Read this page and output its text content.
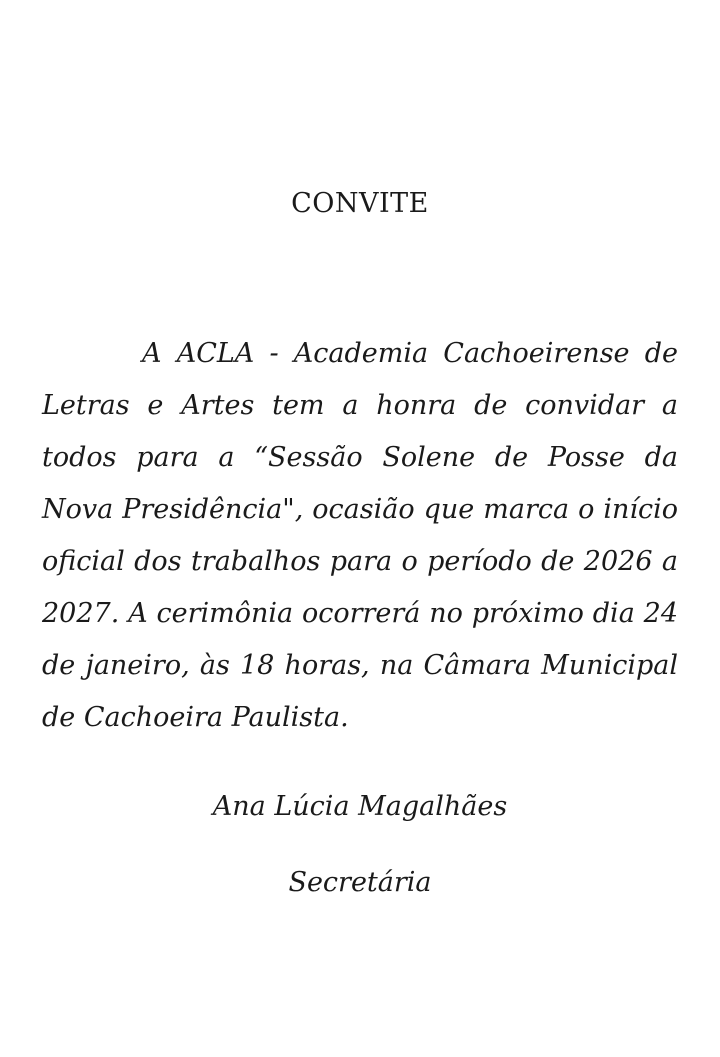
CONVITE

A ACLA - Academia Cachoeirense de Letras e Artes tem a honra de convidar a todos para a “Sessão Solene de Posse da Nova Presidência", ocasião que marca o início oficial dos trabalhos para o período de 2026 a 2027. A cerimônia ocorrerá no próximo dia 24 de janeiro, às 18 horas, na Câmara Municipal de Cachoeira Paulista.

Ana Lúcia Magalhães
Secretária
